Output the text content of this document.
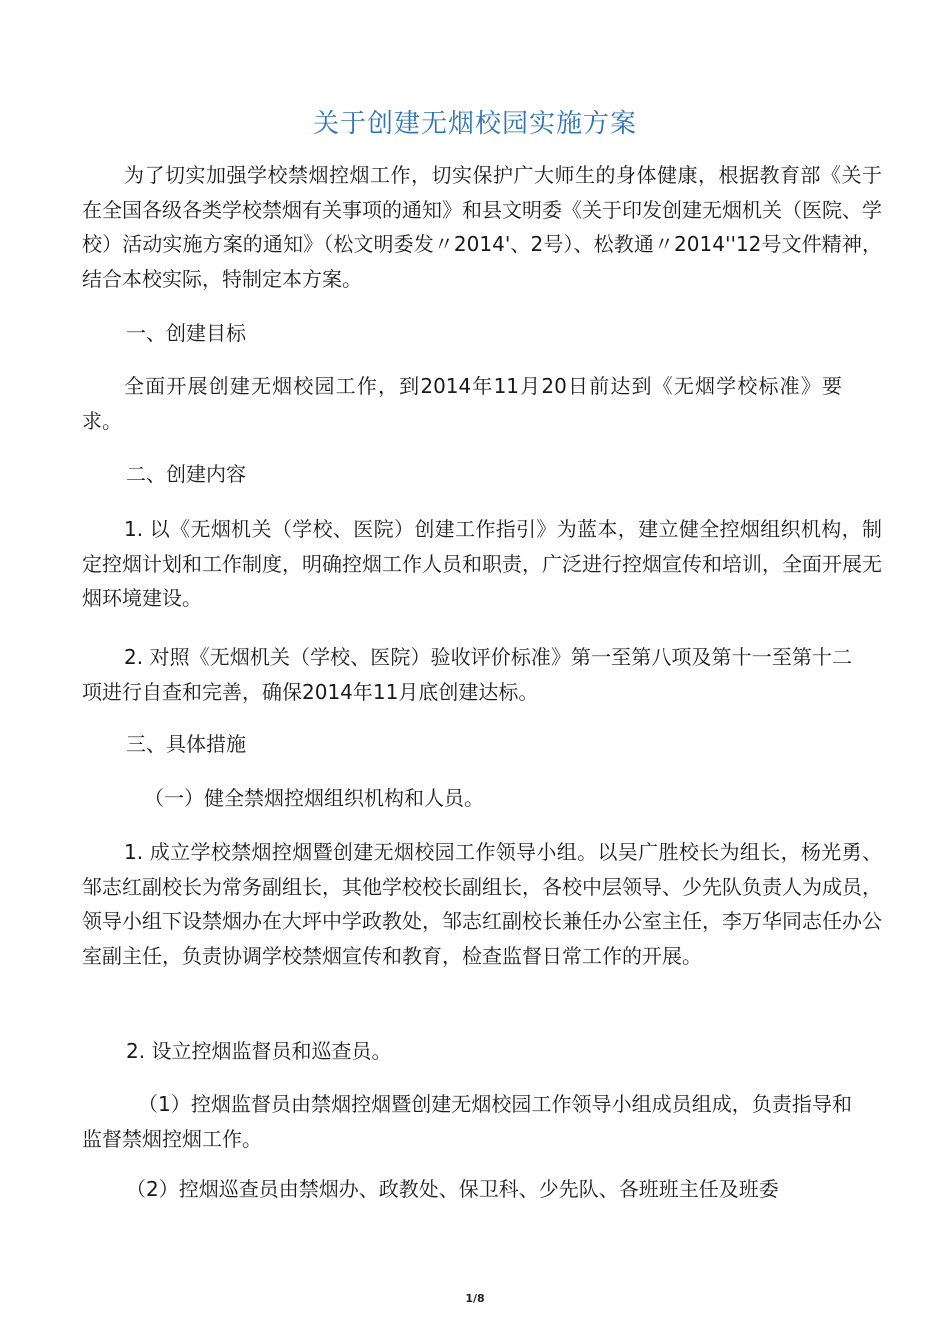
关于创建无烟校园实施方案

为了切实加强学校禁烟控烟工作，切实保护广大师生的身体健康，根据教育部《关于在全国各级各类学校禁烟有关事项的通知》和县文明委《关于印发创建无烟机关（医院、学校）活动实施方案的通知》（松文明委发〃2014'、2号）、松教通〃2014''12号文件精神，结合本校实际，特制定本方案。

一、创建目标

全面开展创建无烟校园工作，到2014年11月20日前达到《无烟学校标准》要求。

二、创建内容

1. 以《无烟机关（学校、医院）创建工作指引》为蓝本，建立健全控烟组织机构，制定控烟计划和工作制度，明确控烟工作人员和职责，广泛进行控烟宣传和培训，全面开展无烟环境建设。

2. 对照《无烟机关（学校、医院）验收评价标准》第一至第八项及第十一至第十二项进行自查和完善，确保2014年11月底创建达标。

三、具体措施

（一）健全禁烟控烟组织机构和人员。

1. 成立学校禁烟控烟暨创建无烟校园工作领导小组。以吴广胜校长为组长，杨光勇、邹志红副校长为常务副组长，其他学校校长副组长，各校中层领导、少先队负责人为成员，领导小组下设禁烟办在大坪中学政教处，邹志红副校长兼任办公室主任，李万华同志任办公室副主任，负责协调学校禁烟宣传和教育，检查监督日常工作的开展。

2. 设立控烟监督员和巡查员。

（1）控烟监督员由禁烟控烟暨创建无烟校园工作领导小组成员组成，负责指导和监督禁烟控烟工作。

（2）控烟巡查员由禁烟办、政教处、保卫科、少先队、各班班主任及班委

1/8
